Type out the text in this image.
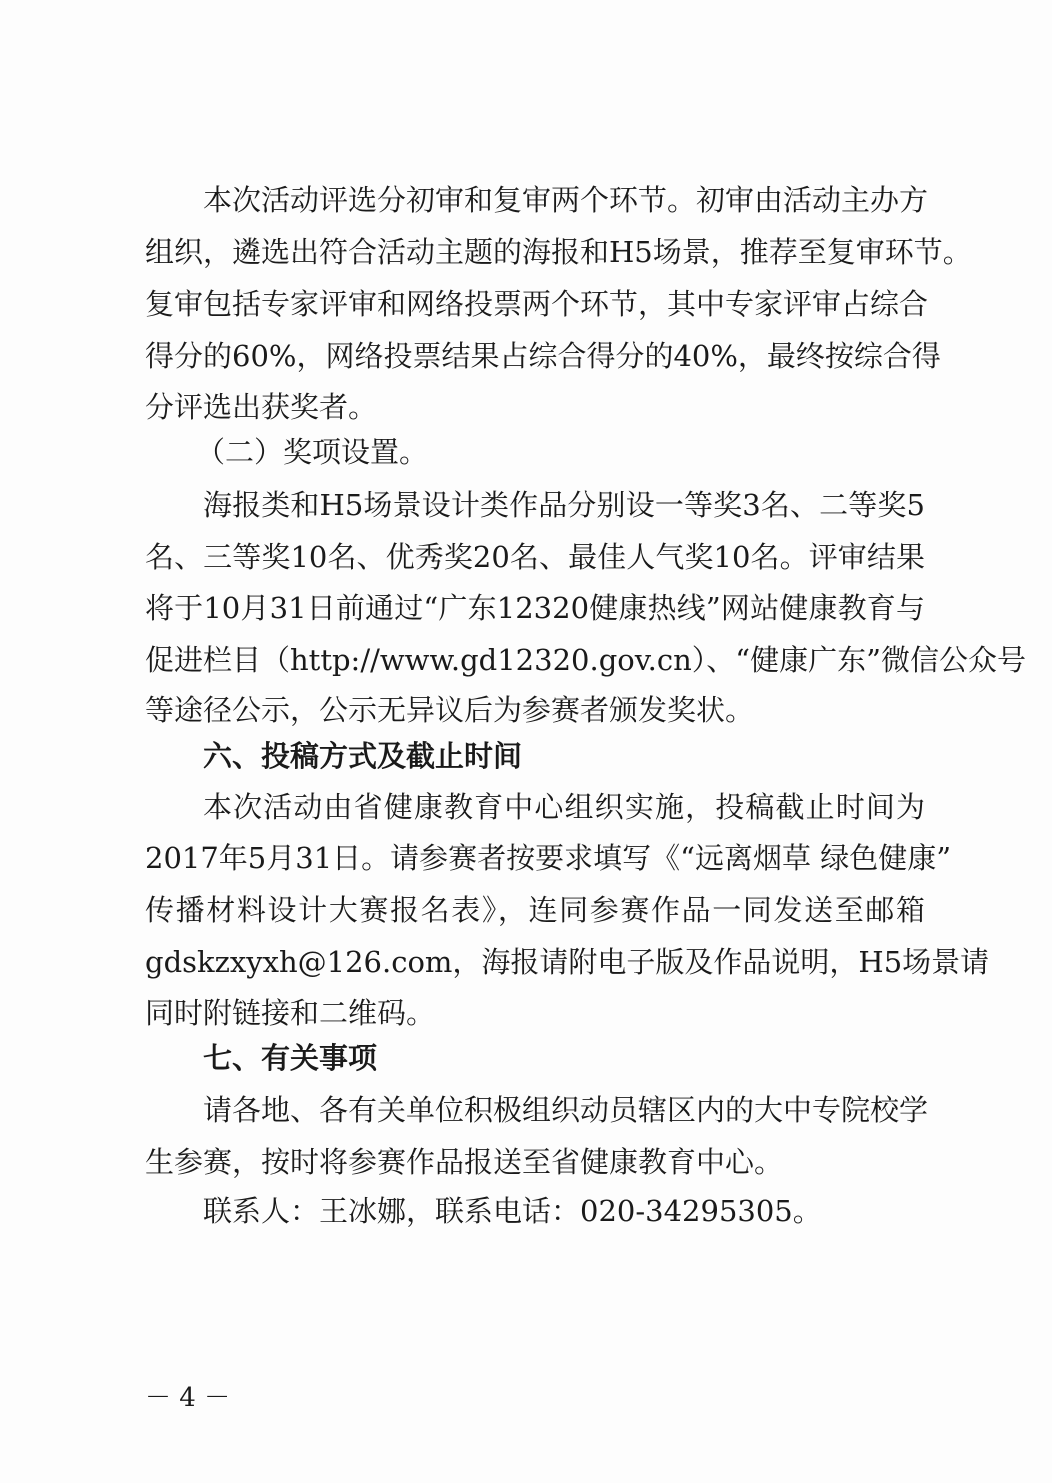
本次活动评选分初审和复审两个环节。初审由活动主办方
组织，遴选出符合活动主题的海报和H5场景，推荐至复审环节。
复审包括专家评审和网络投票两个环节，其中专家评审占综合
得分的60%，网络投票结果占综合得分的40%，最终按综合得
分评选出获奖者。
（二）奖项设置。
海报类和H5场景设计类作品分别设一等奖3名、二等奖5
名、三等奖10名、优秀奖20名、最佳人气奖10名。评审结果
将于10月31日前通过“广东12320健康热线”网站健康教育与
促进栏目（http://www.gd12320.gov.cn）、“健康广东”微信公众号
等途径公示，公示无异议后为参赛者颁发奖状。
六、投稿方式及截止时间
本次活动由省健康教育中心组织实施，投稿截止时间为
2017年5月31日。请参赛者按要求填写《“远离烟草 绿色健康”
传播材料设计大赛报名表》，连同参赛作品一同发送至邮箱
gdskzxyxh@126.com，海报请附电子版及作品说明，H5场景请
同时附链接和二维码。
七、有关事项
请各地、各有关单位积极组织动员辖区内的大中专院校学
生参赛，按时将参赛作品报送至省健康教育中心。
联系人：王冰娜，联系电话：020-34295305。
－ 4 －
